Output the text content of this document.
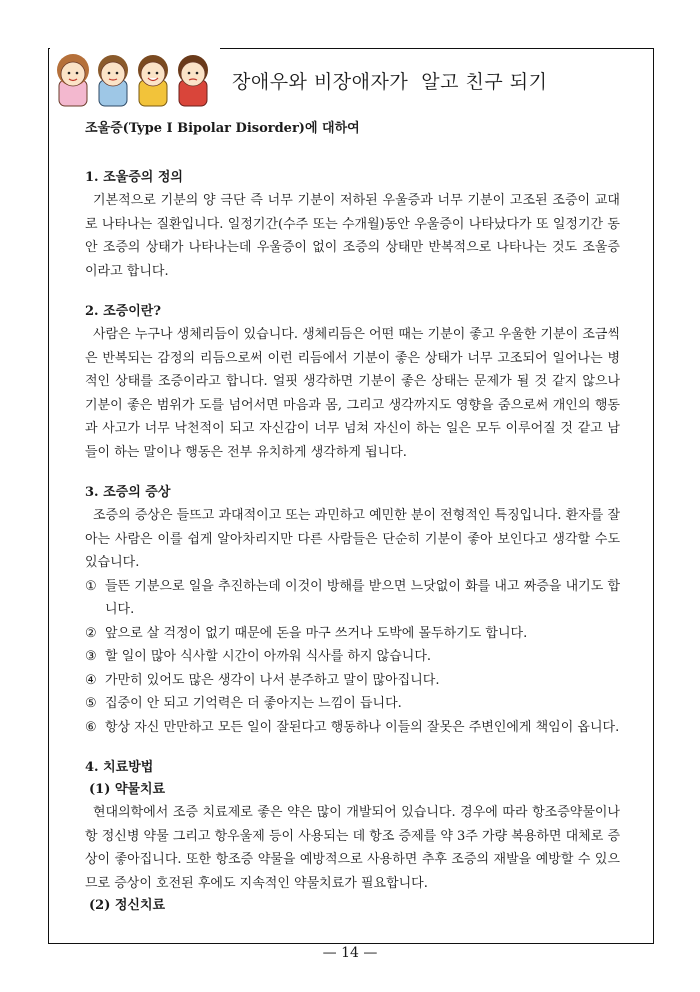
장애우와 비장애자가  알고 친구 되기
조울증(Type I Bipolar Disorder)에 대하여
1. 조울증의 정의
기본적으로 기분의 양 극단 즉 너무 기분이 저하된 우울증과 너무 기분이 고조된 조증이 교대로 나타나는 질환입니다. 일정기간(수주 또는 수개월)동안 우울증이 나타났다가 또 일정기간 동안 조증의 상태가 나타나는데 우울증이 없이 조증의 상태만 반복적으로 나타나는 것도 조울증이라고 합니다.
2. 조증이란?
사람은 누구나 생체리듬이 있습니다. 생체리듬은 어떤 때는 기분이 좋고 우울한 기분이 조금씩은 반복되는 감정의 리듬으로써 이런 리듬에서 기분이 좋은 상태가 너무 고조되어 일어나는 병적인 상태를 조증이라고 합니다. 얼핏 생각하면 기분이 좋은 상태는 문제가 될 것 같지 않으나 기분이 좋은 범위가 도를 넘어서면 마음과 몸, 그리고 생각까지도 영향을 줌으로써 개인의 행동과 사고가 너무 낙천적이 되고 자신감이 너무 넘쳐 자신이 하는 일은 모두 이루어질 것 같고 남들이 하는 말이나 행동은 전부 유치하게 생각하게 됩니다.
3. 조증의 증상
조증의 증상은 들뜨고 과대적이고 또는 과민하고 예민한 분이 전형적인 특징입니다. 환자를 잘 아는 사람은 이를 쉽게 알아차리지만 다른 사람들은 단순히 기분이 좋아 보인다고 생각할 수도 있습니다.
① 들뜬 기분으로 일을 추진하는데 이것이 방해를 받으면 느닷없이 화를 내고 짜증을 내기도 합니다.
② 앞으로 살 걱정이 없기 때문에 돈을 마구 쓰거나 도박에 몰두하기도 합니다.
③ 할 일이 많아 식사할 시간이 아까워 식사를 하지 않습니다.
④ 가만히 있어도 많은 생각이 나서 분주하고 말이 많아집니다.
⑤ 집중이 안 되고 기억력은 더 좋아지는 느낌이 듭니다.
⑥ 항상 자신 만만하고 모든 일이 잘된다고 행동하나 이들의 잘못은 주변인에게 책임이 옵니다.
4. 치료방법
(1) 약물치료
현대의학에서 조증 치료제로 좋은 약은 많이 개발되어 있습니다. 경우에 따라 항조증약물이나 항 정신병 약물 그리고 항우울제 등이 사용되는 데 항조 증제를 약 3주 가량 복용하면 대체로 증상이 좋아집니다. 또한 항조증 약물을 예방적으로 사용하면 추후 조증의 재발을 예방할 수 있으므로 증상이 호전된 후에도 지속적인 약물치료가 필요합니다.
(2) 정신치료
— 14 —
